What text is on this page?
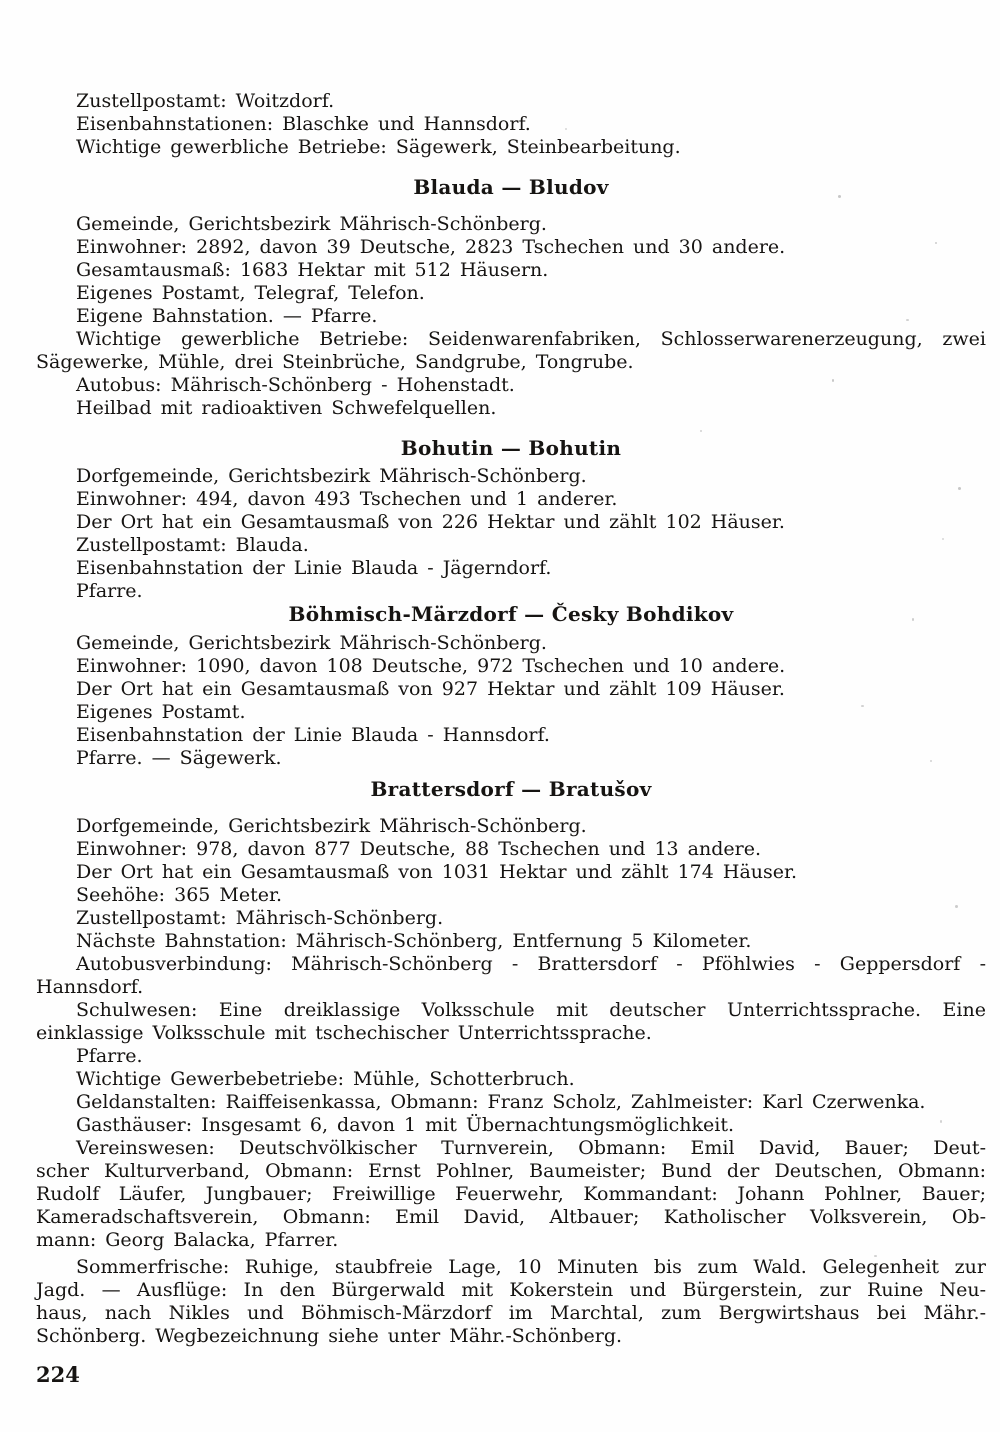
Zustellpostamt: Woitzdorf.

Eisenbahnstationen: Blaschke und Hannsdorf.

Wichtige gewerbliche Betriebe: Sägewerk, Steinbearbeitung.

Blauda — Bludov

Gemeinde, Gerichtsbezirk Mährisch-Schönberg.

Einwohner: 2892, davon 39 Deutsche, 2823 Tschechen und 30 andere.

Gesamtausmaß: 1683 Hektar mit 512 Häusern.

Eigenes Postamt, Telegraf, Telefon.

Eigene Bahnstation. — Pfarre.

Wichtige gewerbliche Betriebe: Seidenwarenfabriken, Schlosserwarenerzeugung, zwei

Sägewerke, Mühle, drei Steinbrüche, Sandgrube, Tongrube.

Autobus: Mährisch-Schönberg - Hohenstadt.

Heilbad mit radioaktiven Schwefelquellen.

Bohutin — Bohutin

Dorfgemeinde, Gerichtsbezirk Mährisch-Schönberg.

Einwohner: 494, davon 493 Tschechen und 1 anderer.

Der Ort hat ein Gesamtausmaß von 226 Hektar und zählt 102 Häuser.

Zustellpostamt: Blauda.

Eisenbahnstation der Linie Blauda - Jägerndorf.

Pfarre.

Böhmisch-Märzdorf — Česky Bohdikov

Gemeinde, Gerichtsbezirk Mährisch-Schönberg.

Einwohner: 1090, davon 108 Deutsche, 972 Tschechen und 10 andere.

Der Ort hat ein Gesamtausmaß von 927 Hektar und zählt 109 Häuser.

Eigenes Postamt.

Eisenbahnstation der Linie Blauda - Hannsdorf.

Pfarre. — Sägewerk.

Brattersdorf — Bratušov

Dorfgemeinde, Gerichtsbezirk Mährisch-Schönberg.

Einwohner: 978, davon 877 Deutsche, 88 Tschechen und 13 andere.

Der Ort hat ein Gesamtausmaß von 1031 Hektar und zählt 174 Häuser.

Seehöhe: 365 Meter.

Zustellpostamt: Mährisch-Schönberg.

Nächste Bahnstation: Mährisch-Schönberg, Entfernung 5 Kilometer.

Autobusverbindung: Mährisch-Schönberg - Brattersdorf - Pföhlwies - Geppersdorf -

Hannsdorf.

Schulwesen: Eine dreiklassige Volksschule mit deutscher Unterrichtssprache. Eine

einklassige Volksschule mit tschechischer Unterrichtssprache.

Pfarre.

Wichtige Gewerbebetriebe: Mühle, Schotterbruch.

Geldanstalten: Raiffeisenkassa, Obmann: Franz Scholz, Zahlmeister: Karl Czerwenka.

Gasthäuser: Insgesamt 6, davon 1 mit Übernachtungsmöglichkeit.

Vereinswesen: Deutschvölkischer Turnverein, Obmann: Emil David, Bauer; Deut-

scher Kulturverband, Obmann: Ernst Pohlner, Baumeister; Bund der Deutschen, Obmann:

Rudolf Läufer, Jungbauer; Freiwillige Feuerwehr, Kommandant: Johann Pohlner, Bauer;

Kameradschaftsverein, Obmann: Emil David, Altbauer; Katholischer Volksverein, Ob-

mann: Georg Balacka, Pfarrer.

Sommerfrische: Ruhige, staubfreie Lage, 10 Minuten bis zum Wald. Gelegenheit zur

Jagd. — Ausflüge: In den Bürgerwald mit Kokerstein und Bürgerstein, zur Ruine Neu-

haus, nach Nikles und Böhmisch-Märzdorf im Marchtal, zum Bergwirtshaus bei Mähr.-

Schönberg. Wegbezeichnung siehe unter Mähr.-Schönberg.

224
